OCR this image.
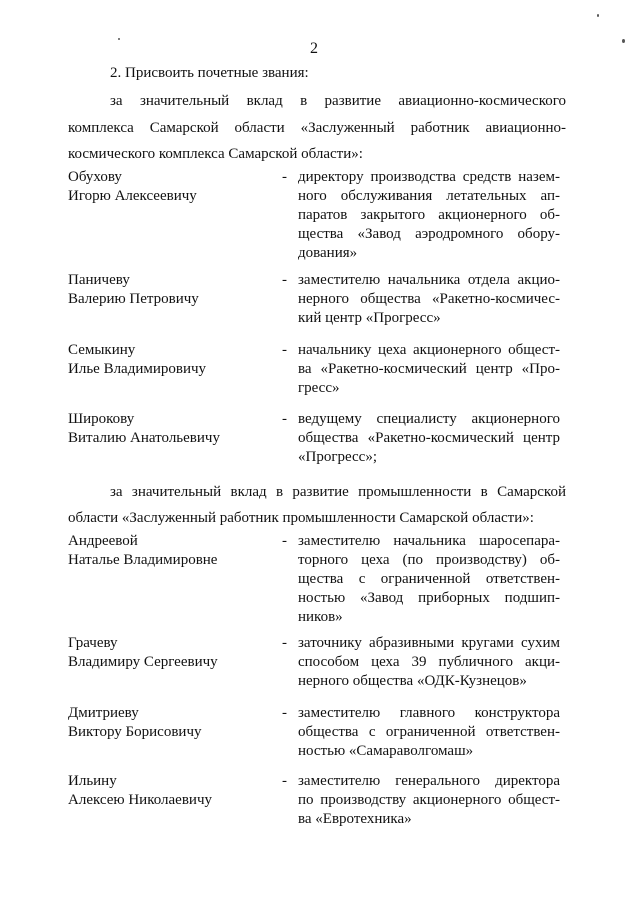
2
2. Присвоить почетные звания:
за значительный вклад в развитие авиационно-космического
комплекса Самарской области «Заслуженный работник авиационно-
космического комплекса Самарской области»:
Обухову
Игорю Алексеевичу
- директору производства средств назем-
ного обслуживания летательных ап-
паратов закрытого акционерного об-
щества «Завод аэродромного обору-
дования»
Паничеву
Валерию Петровичу
- заместителю начальника отдела акцио-
нерного общества «Ракетно-космичес-
кий центр «Прогресс»
Семыкину
Илье Владимировичу
- начальнику цеха акционерного общест-
ва «Ракетно-космический центр «Про-
гресс»
Широкову
Виталию Анатольевичу
- ведущему специалисту акционерного
общества «Ракетно-космический центр
«Прогресс»;
за значительный вклад в развитие промышленности в Самарской
области «Заслуженный работник промышленности Самарской области»:
Андреевой
Наталье Владимировне
- заместителю начальника шаросепара-
торного цеха (по производству) об-
щества с ограниченной ответствен-
ностью «Завод приборных подшип-
ников»
Грачеву
Владимиру Сергеевичу
- заточнику абразивными кругами сухим
способом цеха 39 публичного акци-
нерного общества «ОДК-Кузнецов»
Дмитриеву
Виктору Борисовичу
- заместителю главного конструктора
общества с ограниченной ответствен-
ностью «Самараволгомаш»
Ильину
Алексею Николаевичу
- заместителю генерального директора
по производству акционерного общест-
ва «Евротехника»
